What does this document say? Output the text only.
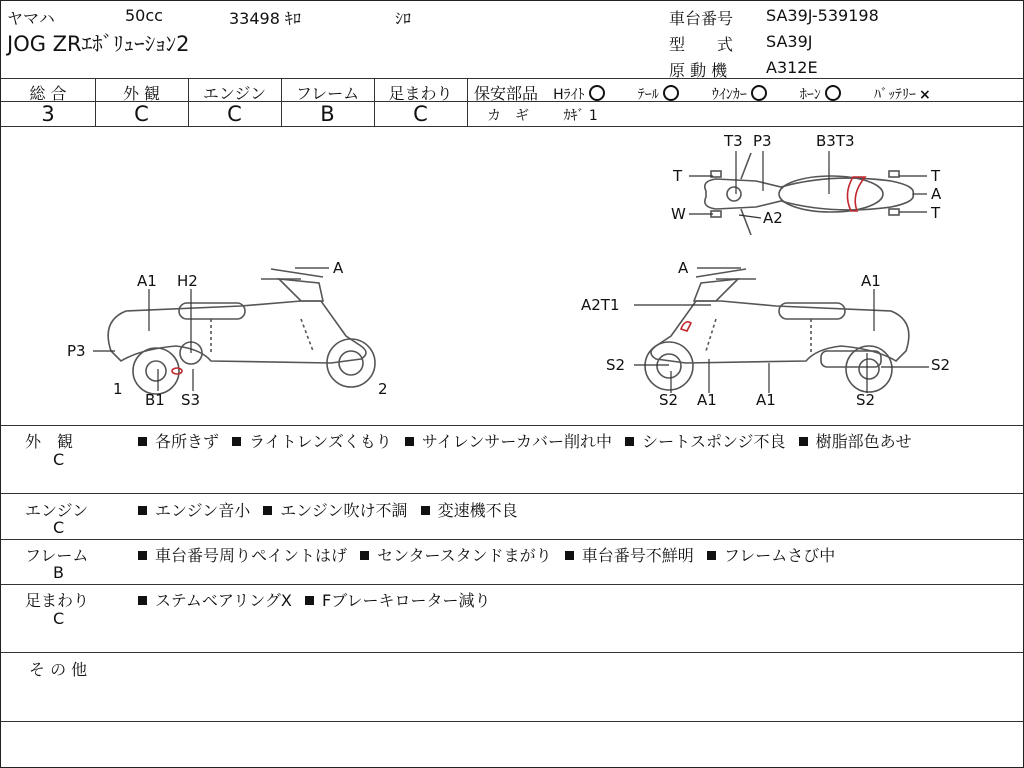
ヤマハ	50cc	33498 ｷﾛ	ｼﾛ
JOG ZRｴﾎﾞﾘｭｰｼｮﾝ2
車台番号 SA39J-539198
型　　式 SA39J
原 動 機 A312E
総 合	外 観	エンジン	フレーム	足まわり
3	C	C	B	C
保安部品 Hﾗｲﾄ	ﾃｰﾙ	ｳｲﾝｶｰ	ﾎｰﾝ	ﾊﾞｯﾃﾘｰ ×
カ　ギ ｶｷﾞ 1
T3 P3	B3T3
T	T
A
T
W	A2
A
A1 H2
P3
1
B1 S3
2
A
A1
A2T1
S2
S2 A1	A1
S2
S2
外　観
C
各所きず ライトレンズくもり サイレンサーカバー削れ中 シートスポンジ不良 樹脂部色あせ
エンジン
C
エンジン音小 エンジン吹け不調 変速機不良
フレーム
B
車台番号周りペイントはげ センタースタンドまがり 車台番号不鮮明 フレームさび中
足まわり
C
ステムベアリングX Fブレーキローター減り
そ の 他
